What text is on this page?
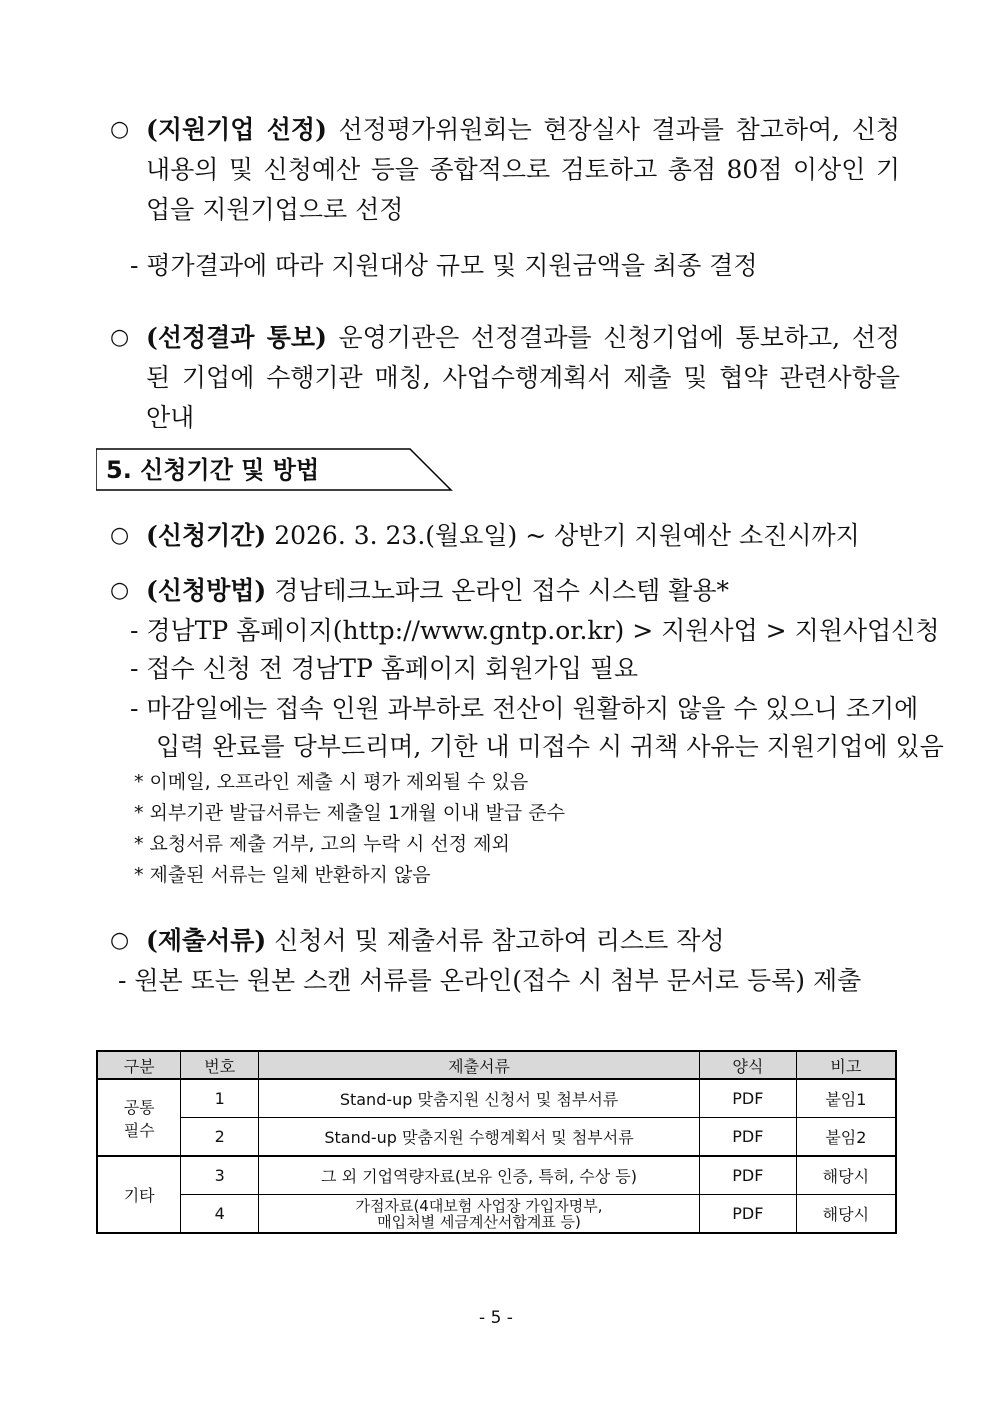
○ (지원기업 선정) 선정평가위원회는 현장실사 결과를 참고하여, 신청내용의 및 신청예산 등을 종합적으로 검토하고 총점 80점 이상인 기업을 지원기업으로 선정
- 평가결과에 따라 지원대상 규모 및 지원금액을 최종 결정
○ (선정결과 통보) 운영기관은 선정결과를 신청기업에 통보하고, 선정된 기업에 수행기관 매칭, 사업수행계획서 제출 및 협약 관련사항을 안내
5. 신청기간 및 방법
○ (신청기간) 2026. 3. 23.(월요일) ~ 상반기 지원예산 소진시까지
○ (신청방법) 경남테크노파크 온라인 접수 시스템 활용*
- 경남TP 홈페이지(http://www.gntp.or.kr) > 지원사업 > 지원사업신청
- 접수 신청 전 경남TP 홈페이지 회원가입 필요
- 마감일에는 접속 인원 과부하로 전산이 원활하지 않을 수 있으니 조기에
입력 완료를 당부드리며, 기한 내 미접수 시 귀책 사유는 지원기업에 있음
* 이메일, 오프라인 제출 시 평가 제외될 수 있음
* 외부기관 발급서류는 제출일 1개월 이내 발급 준수
* 요청서류 제출 거부, 고의 누락 시 선정 제외
* 제출된 서류는 일체 반환하지 않음
○ (제출서류) 신청서 및 제출서류 참고하여 리스트 작성
- 원본 또는 원본 스캔 서류를 온라인(접수 시 첨부 문서로 등록) 제출
구분	번호	제출서류	양식	비고
공통
필수	1	Stand-up 맞춤지원 신청서 및 첨부서류	PDF	붙임1
	2	Stand-up 맞춤지원 수행계획서 및 첨부서류	PDF	붙임2
기타	3	그 외 기업역량자료(보유 인증, 특허, 수상 등)	PDF	해당시
	4	가점자료(4대보험 사업장 가입자명부,
매입처별 세금계산서합계표 등)	PDF	해당시
- 5 -
